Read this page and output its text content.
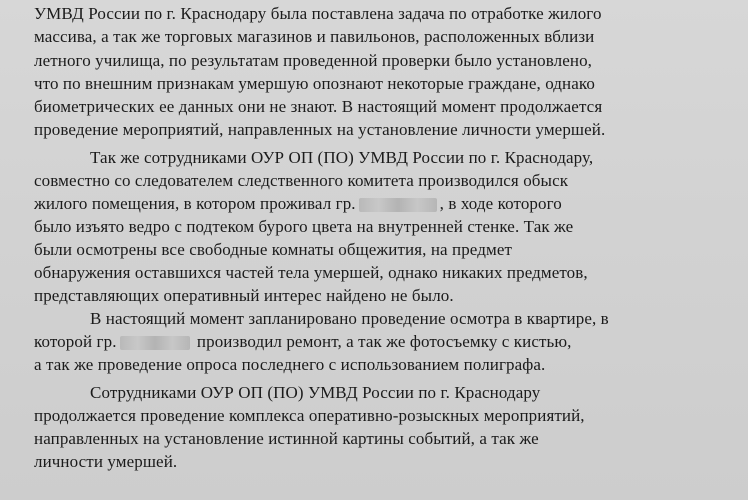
УМВД России по г. Краснодару была поставлена задача по отработке жилого

массива, а так же торговых магазинов и павильонов, расположенных вблизи

летного училища, по результатам проведенной проверки было установлено,

что по внешним признакам умершую опознают некоторые граждане, однако

биометрических ее данных они не знают. В настоящий момент продолжается

проведение мероприятий, направленных на установление личности умершей.

Так же сотрудниками ОУР ОП (ПО) УМВД России по г. Краснодару,

совместно со следователем следственного комитета производился обыск

жилого помещения, в котором проживал гр.	, в ходе которого

было изъято ведро с подтеком бурого цвета на внутренней стенке. Так же

были осмотрены все свободные комнаты общежития, на предмет

обнаружения оставшихся частей тела умершей, однако никаких предметов,

представляющих оперативный интерес найдено не было.

В настоящий момент запланировано проведение осмотра в квартире, в

которой гр.	производил ремонт, а так же фотосъемку с кистью,

а так же проведение опроса последнего с использованием полиграфа.

Сотрудниками ОУР ОП (ПО) УМВД России по г. Краснодару

продолжается проведение комплекса оперативно-розыскных мероприятий,

направленных на установление истинной картины событий, а так же

личности умершей.
